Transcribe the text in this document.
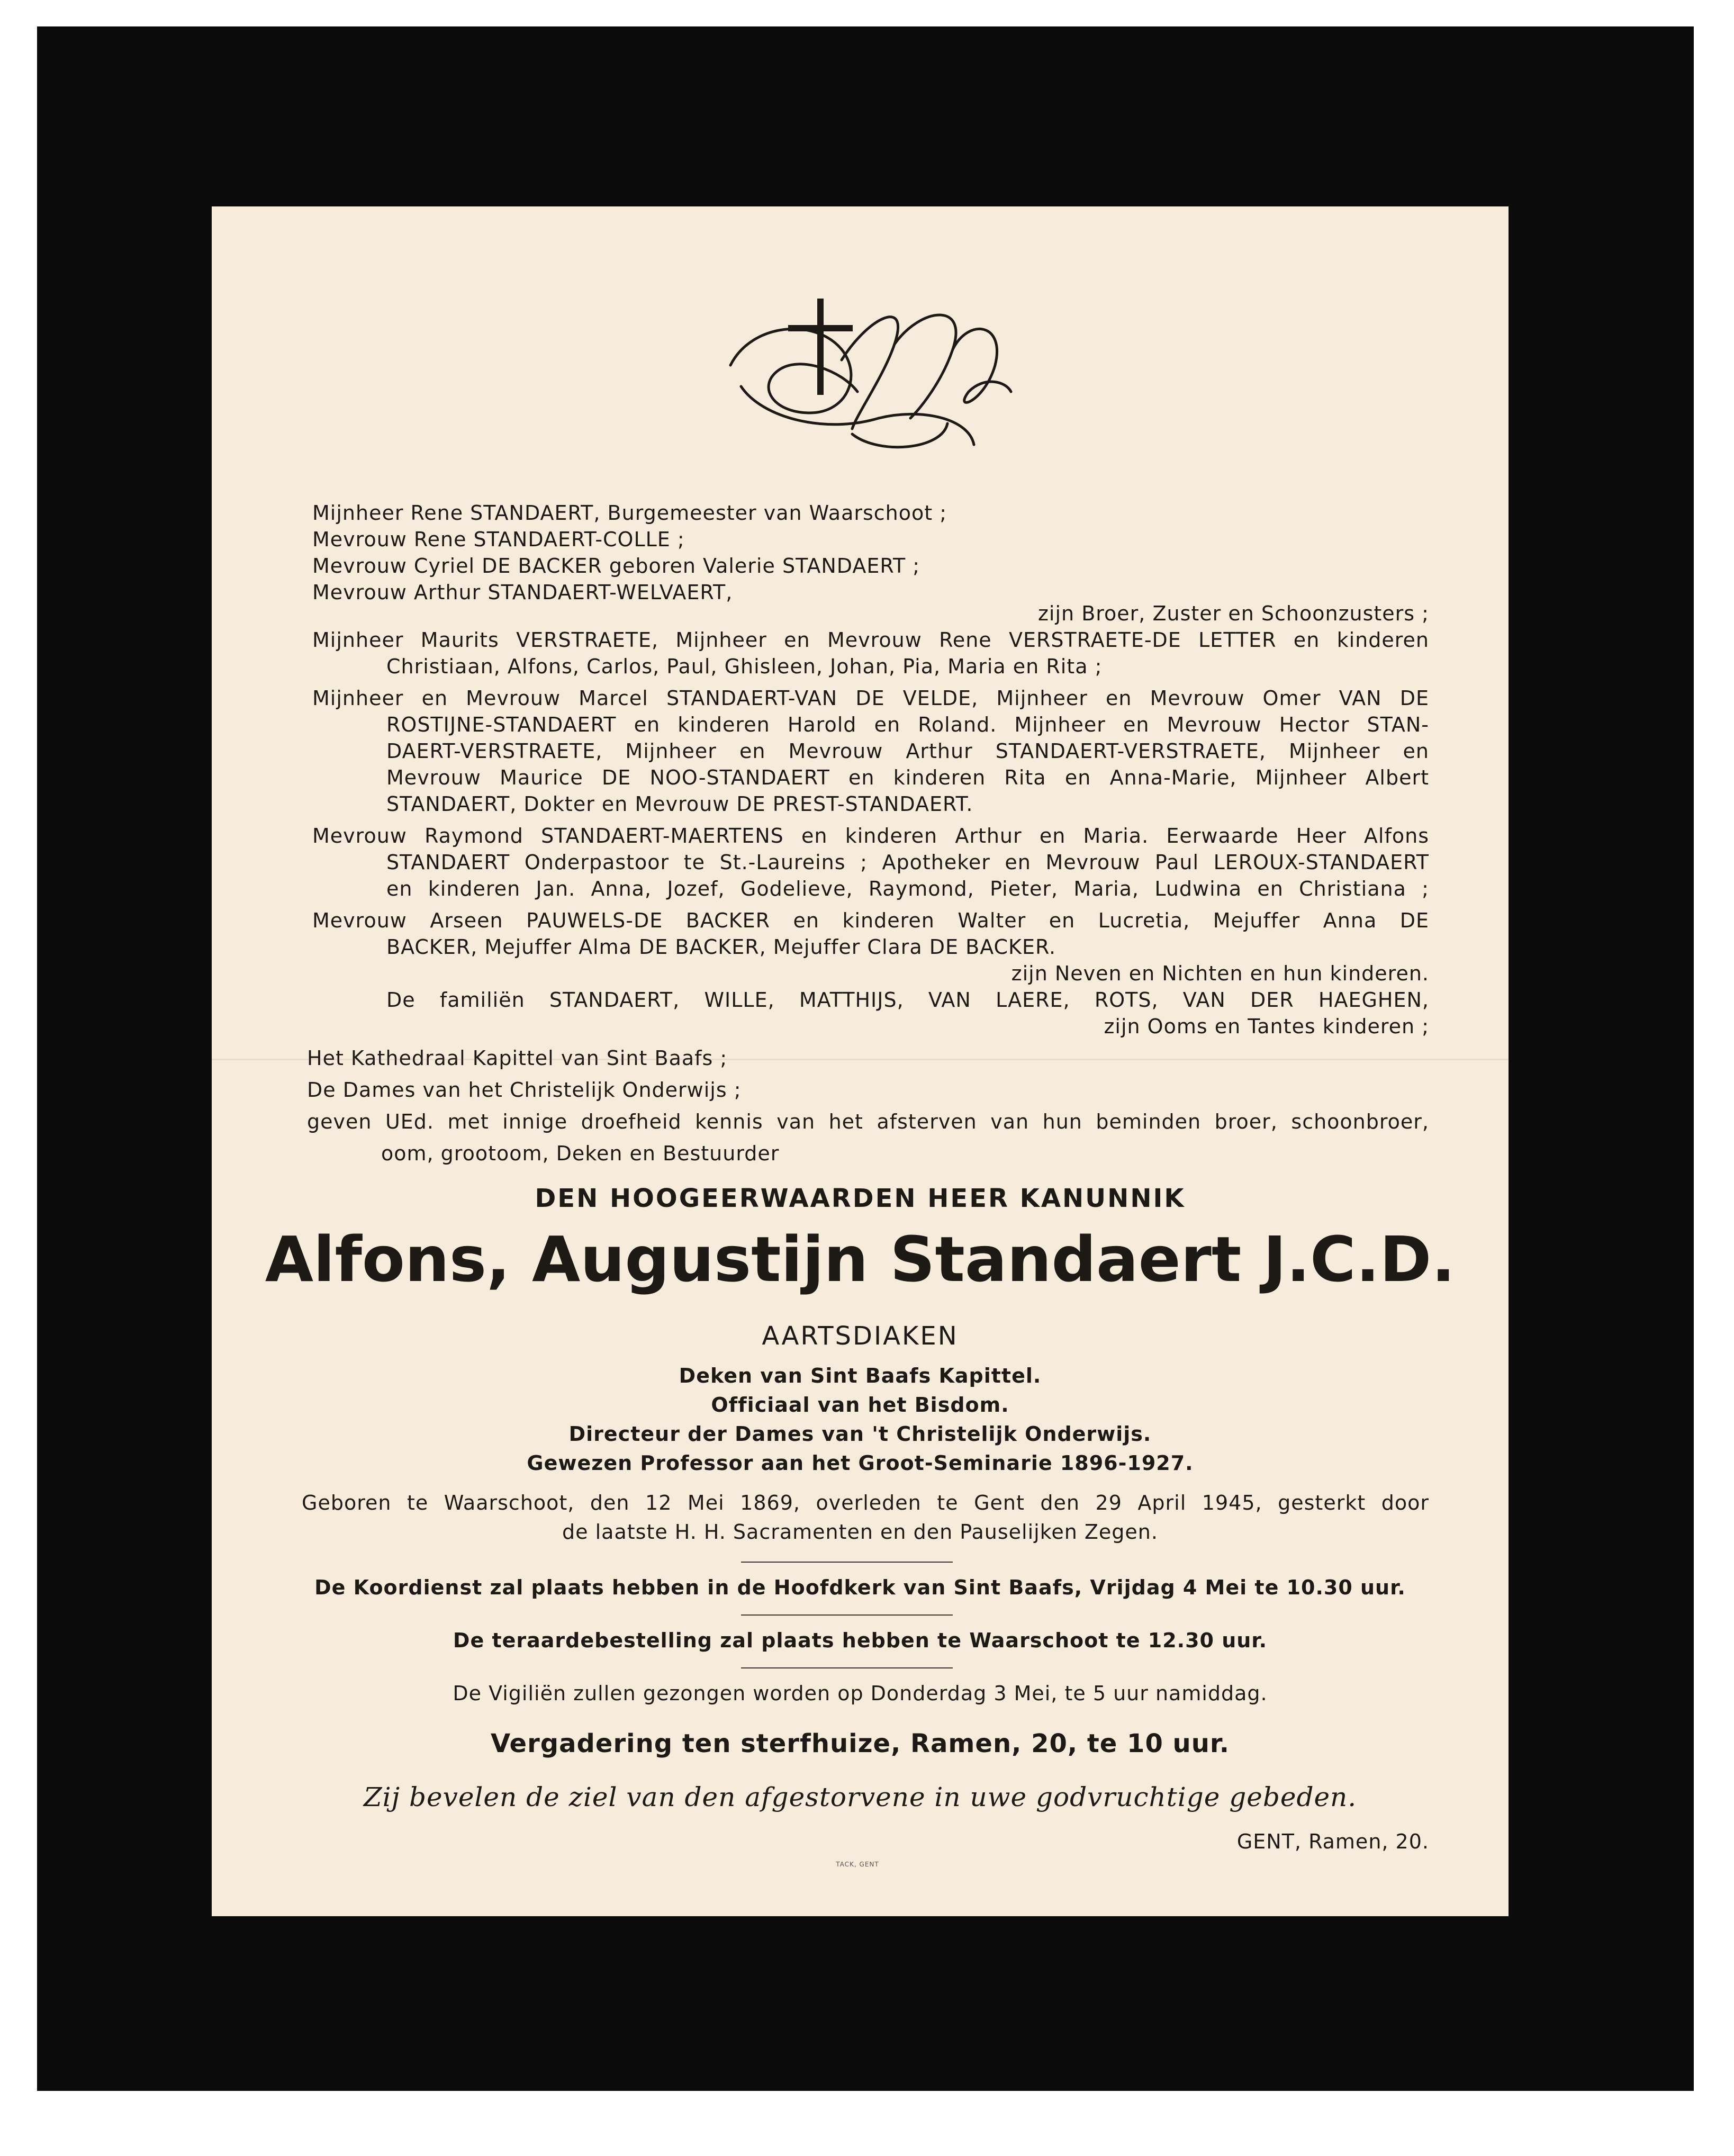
Mijnheer Rene STANDAERT, Burgemeester van Waarschoot ;
Mevrouw Rene STANDAERT-COLLE ;
Mevrouw Cyriel DE BACKER geboren Valerie STANDAERT ;
Mevrouw Arthur STANDAERT-WELVAERT,
zijn Broer, Zuster en Schoonzusters ;
Mijnheer Maurits VERSTRAETE, Mijnheer en Mevrouw Rene VERSTRAETE-DE LETTER en kinderen
Christiaan, Alfons, Carlos, Paul, Ghisleen, Johan, Pia, Maria en Rita ;
Mijnheer en Mevrouw Marcel STANDAERT-VAN DE VELDE, Mijnheer en Mevrouw Omer VAN DE
ROSTIJNE-STANDAERT en kinderen Harold en Roland. Mijnheer en Mevrouw Hector STAN-
DAERT-VERSTRAETE, Mijnheer en Mevrouw Arthur STANDAERT-VERSTRAETE, Mijnheer en
Mevrouw Maurice DE NOO-STANDAERT en kinderen Rita en Anna-Marie, Mijnheer Albert
STANDAERT, Dokter en Mevrouw DE PREST-STANDAERT.
Mevrouw Raymond STANDAERT-MAERTENS en kinderen Arthur en Maria. Eerwaarde Heer Alfons
STANDAERT Onderpastoor te St.-Laureins ; Apotheker en Mevrouw Paul LEROUX-STANDAERT
en kinderen Jan. Anna, Jozef, Godelieve, Raymond, Pieter, Maria, Ludwina en Christiana ;
Mevrouw Arseen PAUWELS-DE BACKER en kinderen Walter en Lucretia, Mejuffer Anna DE
BACKER, Mejuffer Alma DE BACKER, Mejuffer Clara DE BACKER.
zijn Neven en Nichten en hun kinderen.
De familiën STANDAERT, WILLE, MATTHIJS, VAN LAERE, ROTS, VAN DER HAEGHEN,
zijn Ooms en Tantes kinderen ;
Het Kathedraal Kapittel van Sint Baafs ;
De Dames van het Christelijk Onderwijs ;
geven UEd. met innige droefheid kennis van het afsterven van hun beminden broer, schoonbroer,
oom, grootoom, Deken en Bestuurder
DEN HOOGEERWAARDEN HEER KANUNNIK
Alfons, Augustijn Standaert J.C.D.
AARTSDIAKEN
Deken van Sint Baafs Kapittel.
Officiaal van het Bisdom.
Directeur der Dames van 't Christelijk Onderwijs.
Gewezen Professor aan het Groot-Seminarie 1896-1927.
Geboren te Waarschoot, den 12 Mei 1869, overleden te Gent den 29 April 1945, gesterkt door
de laatste H. H. Sacramenten en den Pauselijken Zegen.
De Koordienst zal plaats hebben in de Hoofdkerk van Sint Baafs, Vrijdag 4 Mei te 10.30 uur.
De teraardebestelling zal plaats hebben te Waarschoot te 12.30 uur.
De Vigiliën zullen gezongen worden op Donderdag 3 Mei, te 5 uur namiddag.
Vergadering ten sterfhuize, Ramen, 20, te 10 uur.
Zij bevelen de ziel van den afgestorvene in uwe godvruchtige gebeden.
GENT, Ramen, 20.
TACK, GENT
